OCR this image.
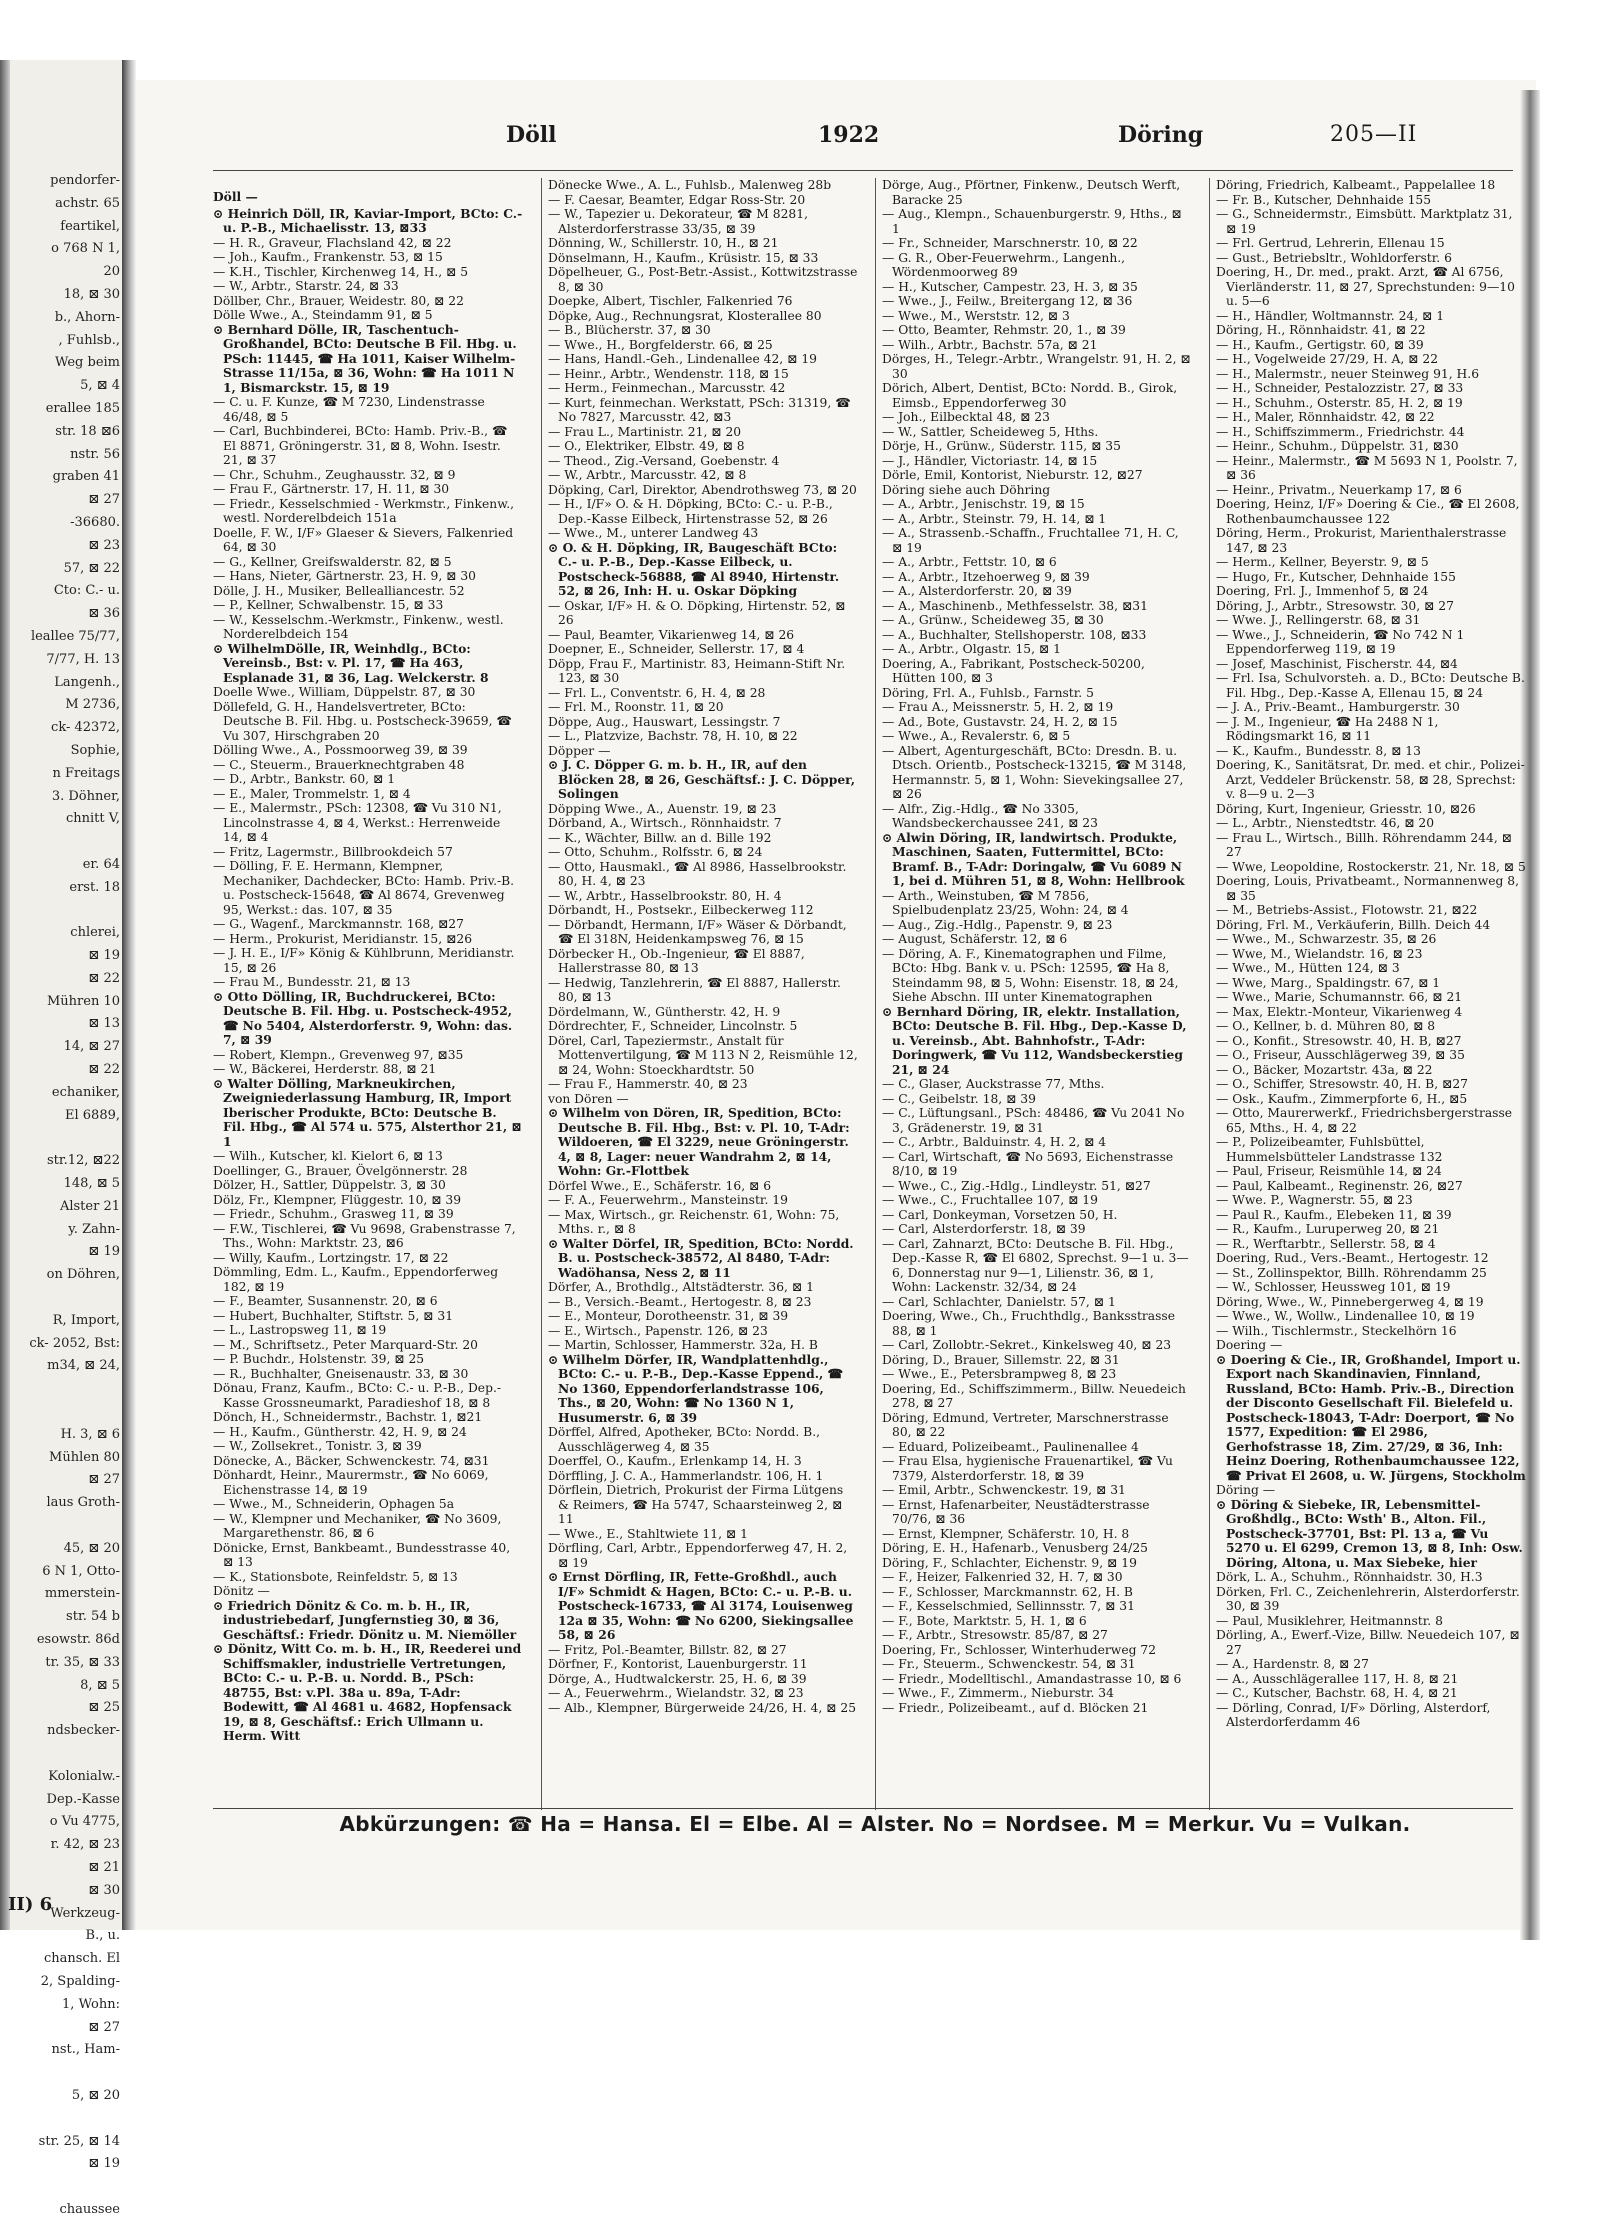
pendorfer-
achstr. 65
feartikel,
o 768 N 1,
20
18, ⊠ 30
b., Ahorn-
, Fuhlsb.,
Weg beim
5, ⊠ 4
erallee 185
str. 18 ⊠6
nstr. 56
graben 41
⊠ 27
-36680.
⊠ 23
57, ⊠ 22
Cto: C.- u.
⊠ 36
leallee 75/77,
7/77, H. 13
Langenh.,
M 2736,
ck- 42372,
Sophie,
n Freitags
3. Döhner,
chnitt V,

er. 64
erst. 18

chlerei,
⊠ 19
⊠ 22
Mühren 10
⊠ 13
14, ⊠ 27
⊠ 22
echaniker,
El 6889,

str.12, ⊠22
148, ⊠ 5
Alster 21
y. Zahn-
⊠ 19
on Döhren,

R, Import,
ck- 2052, Bst:
m34, ⊠ 24,

H. 3, ⊠ 6
Mühlen 80
⊠ 27
laus Groth-

45, ⊠ 20
6 N 1, Otto-
mmerstein-
str. 54 b
esowstr. 86d
tr. 35, ⊠ 33
8, ⊠ 5
⊠ 25
ndsbecker-

Kolonialw.-
Dep.-Kasse
o Vu 4775,
r. 42, ⊠ 23
⊠ 21
⊠ 30
Werkzeug-
B., u.
chansch. El
2, Spalding-
1, Wohn:
⊠ 27
nst., Ham-

5, ⊠ 20

str. 25, ⊠ 14
⊠ 19

chaussee
II) 6
Döll	1922	Döring	205—II

Döll —

⊙ Heinrich Döll, IR, Kaviar-Import, BCto: C.- u. P.-B., Michaelisstr. 13, ⊠33

— H. R., Graveur, Flachsland 42, ⊠ 22

— Joh., Kaufm., Frankenstr. 53, ⊠ 15

— K.H., Tischler, Kirchenweg 14, H., ⊠ 5

— W., Arbtr., Starstr. 24, ⊠ 33

Döllber, Chr., Brauer, Weidestr. 80, ⊠ 22

Dölle Wwe., A., Steindamm 91, ⊠ 5

⊙ Bernhard Dölle, IR, Taschentuch-Großhandel, BCto: Deutsche B Fil. Hbg. u. PSch: 11445, ☎ Ha 1011, Kaiser Wilhelm-Strasse 11/15a, ⊠ 36, Wohn: ☎ Ha 1011 N 1, Bismarckstr. 15, ⊠ 19

— C. u. F. Kunze, ☎ M 7230, Lindenstrasse 46/48, ⊠ 5

— Carl, Buchbinderei, BCto: Hamb. Priv.-B., ☎ El 8871, Gröningerstr. 31, ⊠ 8, Wohn. Isestr. 21, ⊠ 37

— Chr., Schuhm., Zeughausstr. 32, ⊠ 9

— Frau F., Gärtnerstr. 17, H. 11, ⊠ 30

— Friedr., Kesselschmied - Werkmstr., Finkenw., westl. Norderelbdeich 151a

Doelle, F. W., I/F» Glaeser & Sievers, Falkenried 64, ⊠ 30

— G., Kellner, Greifswalderstr. 82, ⊠ 5

— Hans, Nieter, Gärtnerstr. 23, H. 9, ⊠ 30

Dölle, J. H., Musiker, Bellealliancestr. 52

— P., Kellner, Schwalbenstr. 15, ⊠ 33

— W., Kesselschm.-Werkmstr., Finkenw., westl. Norderelbdeich 154

⊙ WilhelmDölle, IR, Weinhdlg., BCto: Vereinsb., Bst: v. Pl. 17, ☎ Ha 463, Esplanade 31, ⊠ 36, Lag. Welckerstr. 8

Doelle Wwe., William, Düppelstr. 87, ⊠ 30

Döllefeld, G. H., Handelsvertreter, BCto: Deutsche B. Fil. Hbg. u. Postscheck-39659, ☎ Vu 307, Hirschgraben 20

Dölling Wwe., A., Possmoorweg 39, ⊠ 39

— C., Steuerm., Brauerknechtgraben 48

— D., Arbtr., Bankstr. 60, ⊠ 1

— E., Maler, Trommelstr. 1, ⊠ 4

— E., Malermstr., PSch: 12308, ☎ Vu 310 N1, Lincolnstrasse 4, ⊠ 4, Werkst.: Herrenweide 14, ⊠ 4

— Fritz, Lagermstr., Billbrookdeich 57

— Dölling, F. E. Hermann, Klempner, Mechaniker, Dachdecker, BCto: Hamb. Priv.-B. u. Postscheck-15648, ☎ Al 8674, Grevenweg 95, Werkst.: das. 107, ⊠ 35

— G., Wagenf., Marckmannstr. 168, ⊠27

— Herm., Prokurist, Meridianstr. 15, ⊠26

— J. H. E., I/F» König & Kühlbrunn, Meridianstr. 15, ⊠ 26

— Frau M., Bundesstr. 21, ⊠ 13

⊙ Otto Dölling, IR, Buchdruckerei, BCto: Deutsche B. Fil. Hbg. u. Postscheck-4952, ☎ No 5404, Alsterdorferstr. 9, Wohn: das. 7, ⊠ 39

— Robert, Klempn., Grevenweg 97, ⊠35

— W., Bäckerei, Herderstr. 88, ⊠ 21

⊙ Walter Dölling, Markneukirchen, Zweigniederlassung Hamburg, IR, Import Iberischer Produkte, BCto: Deutsche B. Fil. Hbg., ☎ Al 574 u. 575, Alsterthor 21, ⊠ 1

— Wilh., Kutscher, kl. Kielort 6, ⊠ 13

Doellinger, G., Brauer, Övelgönnerstr. 28

Dölzer, H., Sattler, Düppelstr. 3, ⊠ 30

Dölz, Fr., Klempner, Flüggestr. 10, ⊠ 39

— Friedr., Schuhm., Grasweg 11, ⊠ 39

— F.W., Tischlerei, ☎ Vu 9698, Grabenstrasse 7, Ths., Wohn: Marktstr. 23, ⊠6

— Willy, Kaufm., Lortzingstr. 17, ⊠ 22

Dömmling, Edm. L., Kaufm., Eppendorferweg 182, ⊠ 19

— F., Beamter, Susannenstr. 20, ⊠ 6

— Hubert, Buchhalter, Stiftstr. 5, ⊠ 31

— L., Lastropsweg 11, ⊠ 19

— M., Schriftsetz., Peter Marquard-Str. 20

— P. Buchdr., Holstenstr. 39, ⊠ 25

— R., Buchhalter, Gneisenaustr. 33, ⊠ 30

Dönau, Franz, Kaufm., BCto: C.- u. P.-B., Dep.-Kasse Grossneumarkt, Paradieshof 18, ⊠ 8

Dönch, H., Schneidermstr., Bachstr. 1, ⊠21

— H., Kaufm., Güntherstr. 42, H. 9, ⊠ 24

— W., Zollsekret., Tonistr. 3, ⊠ 39

Dönecke, A., Bäcker, Schwenckestr. 74, ⊠31

Dönhardt, Heinr., Maurermstr., ☎ No 6069, Eichenstrasse 14, ⊠ 19

— Wwe., M., Schneiderin, Ophagen 5a

— W., Klempner und Mechaniker, ☎ No 3609, Margarethenstr. 86, ⊠ 6

Dönicke, Ernst, Bankbeamt., Bundesstrasse 40, ⊠ 13

— K., Stationsbote, Reinfeldstr. 5, ⊠ 13

Dönitz —

⊙ Friedrich Dönitz & Co. m. b. H., IR, industriebedarf, Jungfernstieg 30, ⊠ 36, Geschäftsf.: Friedr. Dönitz u. M. Niemöller

⊙ Dönitz, Witt Co. m. b. H., IR, Reederei und Schiffsmakler, industrielle Vertretungen, BCto: C.- u. P.-B. u. Nordd. B., PSch: 48755, Bst: v.Pl. 38a u. 89a, T-Adr: Bodewitt, ☎ Al 4681 u. 4682, Hopfensack 19, ⊠ 8, Geschäftsf.: Erich Ullmann u. Herm. Witt

Dönecke Wwe., A. L., Fuhlsb., Malenweg 28b

— F. Caesar, Beamter, Edgar Ross-Str. 20

— W., Tapezier u. Dekorateur, ☎ M 8281, Alsterdorferstrasse 33/35, ⊠ 39

Dönning, W., Schillerstr. 10, H., ⊠ 21

Dönselmann, H., Kaufm., Krüsistr. 15, ⊠ 33

Döpelheuer, G., Post-Betr.-Assist., Kottwitzstrasse 8, ⊠ 30

Doepke, Albert, Tischler, Falkenried 76

Döpke, Aug., Rechnungsrat, Klosterallee 80

— B., Blücherstr. 37, ⊠ 30

— Wwe., H., Borgfelderstr. 66, ⊠ 25

— Hans, Handl.-Geh., Lindenallee 42, ⊠ 19

— Heinr., Arbtr., Wendenstr. 118, ⊠ 15

— Herm., Feinmechan., Marcusstr. 42

— Kurt, feinmechan. Werkstatt, PSch: 31319, ☎ No 7827, Marcusstr. 42, ⊠3

— Frau L., Martinistr. 21, ⊠ 20

— O., Elektriker, Elbstr. 49, ⊠ 8

— Theod., Zig.-Versand, Goebenstr. 4

— W., Arbtr., Marcusstr. 42, ⊠ 8

Döpking, Carl, Direktor, Abendrothsweg 73, ⊠ 20

— H., I/F» O. & H. Döpking, BCto: C.- u. P.-B., Dep.-Kasse Eilbeck, Hirtenstrasse 52, ⊠ 26

— Wwe., M., unterer Landweg 43

⊙ O. & H. Döpking, IR, Baugeschäft BCto: C.- u. P.-B., Dep.-Kasse Eilbeck, u. Postscheck-56888, ☎ Al 8940, Hirtenstr. 52, ⊠ 26, Inh: H. u. Oskar Döpking

— Oskar, I/F» H. & O. Döpking, Hirtenstr. 52, ⊠ 26

— Paul, Beamter, Vikarienweg 14, ⊠ 26

Doepner, E., Schneider, Sellerstr. 17, ⊠ 4

Döpp, Frau F., Martinistr. 83, Heimann-Stift Nr. 123, ⊠ 30

— Frl. L., Conventstr. 6, H. 4, ⊠ 28

— Frl. M., Roonstr. 11, ⊠ 20

Döppe, Aug., Hauswart, Lessingstr. 7

— L., Platzvize, Bachstr. 78, H. 10, ⊠ 22

Döpper —

⊙ J. C. Döpper G. m. b. H., IR, auf den Blöcken 28, ⊠ 26, Geschäftsf.: J. C. Döpper, Solingen

Döpping Wwe., A., Auenstr. 19, ⊠ 23

Dörband, A., Wirtsch., Rönnhaidstr. 7

— K., Wächter, Billw. an d. Bille 192

— Otto, Schuhm., Rolfsstr. 6, ⊠ 24

— Otto, Hausmakl., ☎ Al 8986, Hasselbrookstr. 80, H. 4, ⊠ 23

— W., Arbtr., Hasselbrookstr. 80, H. 4

Dörbandt, H., Postsekr., Eilbeckerweg 112

— Dörbandt, Hermann, I/F» Wäser & Dörbandt, ☎ El 318N, Heidenkampsweg 76, ⊠ 15

Dörbecker H., Ob.-Ingenieur, ☎ El 8887, Hallerstrasse 80, ⊠ 13

— Hedwig, Tanzlehrerin, ☎ El 8887, Hallerstr. 80, ⊠ 13

Dördelmann, W., Güntherstr. 42, H. 9

Dördrechter, F., Schneider, Lincolnstr. 5

Dörel, Carl, Tapeziermstr., Anstalt für Mottenvertilgung, ☎ M 113 N 2, Reismühle 12, ⊠ 24, Wohn: Stoeckhardtstr. 50

— Frau F., Hammerstr. 40, ⊠ 23

von Dören —

⊙ Wilhelm von Dören, IR, Spedition, BCto: Deutsche B. Fil. Hbg., Bst: v. Pl. 10, T-Adr: Wildoeren, ☎ El 3229, neue Gröningerstr. 4, ⊠ 8, Lager: neuer Wandrahm 2, ⊠ 14, Wohn: Gr.-Flottbek

Dörfel Wwe., E., Schäferstr. 16, ⊠ 6

— F. A., Feuerwehrm., Mansteinstr. 19

— Max, Wirtsch., gr. Reichenstr. 61, Wohn: 75, Mths. r., ⊠ 8

⊙ Walter Dörfel, IR, Spedition, BCto: Nordd. B. u. Postscheck-38572, Al 8480, T-Adr: Wadöhansa, Ness 2, ⊠ 11

Dörfer, A., Brothdlg., Altstädterstr. 36, ⊠ 1

— B., Versich.-Beamt., Hertogestr. 8, ⊠ 23

— E., Monteur, Dorotheenstr. 31, ⊠ 39

— E., Wirtsch., Papenstr. 126, ⊠ 23

— Martin, Schlosser, Hammerstr. 32a, H. B

⊙ Wilhelm Dörfer, IR, Wandplattenhdlg., BCto: C.- u. P.-B., Dep.-Kasse Eppend., ☎ No 1360, Eppendorferlandstrasse 106, Ths., ⊠ 20, Wohn: ☎ No 1360 N 1, Husumerstr. 6, ⊠ 39

Dörffel, Alfred, Apotheker, BCto: Nordd. B., Ausschlägerweg 4, ⊠ 35

Doerffel, O., Kaufm., Erlenkamp 14, H. 3

Dörffling, J. C. A., Hammerlandstr. 106, H. 1

Dörflein, Dietrich, Prokurist der Firma Lütgens & Reimers, ☎ Ha 5747, Schaarsteinweg 2, ⊠ 11

— Wwe., E., Stahltwiete 11, ⊠ 1

Dörfling, Carl, Arbtr., Eppendorferweg 47, H. 2, ⊠ 19

⊙ Ernst Dörfling, IR, Fette-Großhdl., auch I/F» Schmidt & Hagen, BCto: C.- u. P.-B. u. Postscheck-16733, ☎ Al 3174, Louisenweg 12a ⊠ 35, Wohn: ☎ No 6200, Siekingsallee 58, ⊠ 26

— Fritz, Pol.-Beamter, Billstr. 82, ⊠ 27

Dörfner, F., Kontorist, Lauenburgerstr. 11

Dörge, A., Hudtwalckerstr. 25, H. 6, ⊠ 39

— A., Feuerwehrm., Wielandstr. 32, ⊠ 23

— Alb., Klempner, Bürgerweide 24/26, H. 4, ⊠ 25

Dörge, Aug., Pförtner, Finkenw., Deutsch Werft, Baracke 25

— Aug., Klempn., Schauenburgerstr. 9, Hths., ⊠ 1

— Fr., Schneider, Marschnerstr. 10, ⊠ 22

— G. R., Ober-Feuerwehrm., Langenh., Wördenmoorweg 89

— H., Kutscher, Campestr. 23, H. 3, ⊠ 35

— Wwe., J., Feilw., Breitergang 12, ⊠ 36

— Wwe., M., Werststr. 12, ⊠ 3

— Otto, Beamter, Rehmstr. 20, 1., ⊠ 39

— Wilh., Arbtr., Bachstr. 57a, ⊠ 21

Dörges, H., Telegr.-Arbtr., Wrangelstr. 91, H. 2, ⊠ 30

Dörich, Albert, Dentist, BCto: Nordd. B., Girok, Eimsb., Eppendorferweg 30

— Joh., Eilbecktal 48, ⊠ 23

— W., Sattler, Scheideweg 5, Hths.

Dörje, H., Grünw., Süderstr. 115, ⊠ 35

— J., Händler, Victoriastr. 14, ⊠ 15

Dörle, Emil, Kontorist, Nieburstr. 12, ⊠27

Döring siehe auch Döhring

— A., Arbtr., Jenischstr. 19, ⊠ 15

— A., Arbtr., Steinstr. 79, H. 14, ⊠ 1

— A., Strassenb.-Schaffn., Fruchtallee 71, H. C, ⊠ 19

— A., Arbtr., Fettstr. 10, ⊠ 6

— A., Arbtr., Itzehoerweg 9, ⊠ 39

— A., Alsterdorferstr. 20, ⊠ 39

— A., Maschinenb., Methfesselstr. 38, ⊠31

— A., Grünw., Scheideweg 35, ⊠ 30

— A., Buchhalter, Stellshoperstr. 108, ⊠33

— A., Arbtr., Olgastr. 15, ⊠ 1

Doering, A., Fabrikant, Postscheck-50200, Hütten 100, ⊠ 3

Döring, Frl. A., Fuhlsb., Farnstr. 5

— Frau A., Meissnerstr. 5, H. 2, ⊠ 19

— Ad., Bote, Gustavstr. 24, H. 2, ⊠ 15

— Wwe., A., Revalerstr. 6, ⊠ 5

— Albert, Agenturgeschäft, BCto: Dresdn. B. u. Dtsch. Orientb., Postscheck-13215, ☎ M 3148, Hermannstr. 5, ⊠ 1, Wohn: Sievekingsallee 27, ⊠ 26

— Alfr., Zig.-Hdlg., ☎ No 3305, Wandsbeckerchaussee 241, ⊠ 23

⊙ Alwin Döring, IR, landwirtsch. Produkte, Maschinen, Saaten, Futtermittel, BCto: Bramf. B., T-Adr: Doringalw, ☎ Vu 6089 N 1, bei d. Mühren 51, ⊠ 8, Wohn: Hellbrook

— Arth., Weinstuben, ☎ M 7856, Spielbudenplatz 23/25, Wohn: 24, ⊠ 4

— Aug., Zig.-Hdlg., Papenstr. 9, ⊠ 23

— August, Schäferstr. 12, ⊠ 6

— Döring, A. F., Kinematographen und Filme, BCto: Hbg. Bank v. u. PSch: 12595, ☎ Ha 8, Steindamm 98, ⊠ 5, Wohn: Eisenstr. 18, ⊠ 24, Siehe Abschn. III unter Kinematographen

⊙ Bernhard Döring, IR, elektr. Installation, BCto: Deutsche B. Fil. Hbg., Dep.-Kasse D, u. Vereinsb., Abt. Bahnhofstr., T-Adr: Doringwerk, ☎ Vu 112, Wandsbeckerstieg 21, ⊠ 24

— C., Glaser, Auckstrasse 77, Mths.

— C., Geibelstr. 18, ⊠ 39

— C., Lüftungsanl., PSch: 48486, ☎ Vu 2041 No 3, Grädenerstr. 19, ⊠ 31

— C., Arbtr., Balduinstr. 4, H. 2, ⊠ 4

— Carl, Wirtschaft, ☎ No 5693, Eichenstrasse 8/10, ⊠ 19

— Wwe., C., Zig.-Hdlg., Lindleystr. 51, ⊠27

— Wwe., C., Fruchtallee 107, ⊠ 19

— Carl, Donkeyman, Vorsetzen 50, H.

— Carl, Alsterdorferstr. 18, ⊠ 39

— Carl, Zahnarzt, BCto: Deutsche B. Fil. Hbg., Dep.-Kasse R, ☎ El 6802, Sprechst. 9—1 u. 3—6, Donnerstag nur 9—1, Lilienstr. 36, ⊠ 1, Wohn: Lackenstr. 32/34, ⊠ 24

— Carl, Schlachter, Danielstr. 57, ⊠ 1

Doering, Wwe., Ch., Fruchthdlg., Banksstrasse 88, ⊠ 1

— Carl, Zollobtr.-Sekret., Kinkelsweg 40, ⊠ 23

Döring, D., Brauer, Sillemstr. 22, ⊠ 31

— Wwe., E., Petersbrampweg 8, ⊠ 23

Doering, Ed., Schiffszimmerm., Billw. Neuedeich 278, ⊠ 27

Döring, Edmund, Vertreter, Marschnerstrasse 80, ⊠ 22

— Eduard, Polizeibeamt., Paulinenallee 4

— Frau Elsa, hygienische Frauenartikel, ☎ Vu 7379, Alsterdorferstr. 18, ⊠ 39

— Emil, Arbtr., Schwenckestr. 19, ⊠ 31

— Ernst, Hafenarbeiter, Neustädterstrasse 70/76, ⊠ 36

— Ernst, Klempner, Schäferstr. 10, H. 8

Döring, E. H., Hafenarb., Venusberg 24/25

Döring, F., Schlachter, Eichenstr. 9, ⊠ 19

— F., Heizer, Falkenried 32, H. 7, ⊠ 30

— F., Schlosser, Marckmannstr. 62, H. B

— F., Kesselschmied, Sellinnsstr. 7, ⊠ 31

— F., Bote, Marktstr. 5, H. 1, ⊠ 6

— F., Arbtr., Stresowstr. 85/87, ⊠ 27

Doering, Fr., Schlosser, Winterhuderweg 72

— Fr., Steuerm., Schwenckestr. 54, ⊠ 31

— Friedr., Modelltischl., Amandastrasse 10, ⊠ 6

— Wwe., F., Zimmerm., Nieburstr. 34

— Friedr., Polizeibeamt., auf d. Blöcken 21

Döring, Friedrich, Kalbeamt., Pappelallee 18

— Fr. B., Kutscher, Dehnhaide 155

— G., Schneidermstr., Eimsbütt. Marktplatz 31, ⊠ 19

— Frl. Gertrud, Lehrerin, Ellenau 15

— Gust., Betriebsltr., Wohldorferstr. 6

Doering, H., Dr. med., prakt. Arzt, ☎ Al 6756, Vierländerstr. 11, ⊠ 27, Sprechstunden: 9—10 u. 5—6

— H., Händler, Woltmannstr. 24, ⊠ 1

Döring, H., Rönnhaidstr. 41, ⊠ 22

— H., Kaufm., Gertigstr. 60, ⊠ 39

— H., Vogelweide 27/29, H. A, ⊠ 22

— H., Malermstr., neuer Steinweg 91, H.6

— H., Schneider, Pestalozzistr. 27, ⊠ 33

— H., Schuhm., Osterstr. 85, H. 2, ⊠ 19

— H., Maler, Rönnhaidstr. 42, ⊠ 22

— H., Schiffszimmerm., Friedrichstr. 44

— Heinr., Schuhm., Düppelstr. 31, ⊠30

— Heinr., Malermstr., ☎ M 5693 N 1, Poolstr. 7, ⊠ 36

— Heinr., Privatm., Neuerkamp 17, ⊠ 6

Doering, Heinz, I/F» Doering & Cie., ☎ El 2608, Rothenbaumchaussee 122

Döring, Herm., Prokurist, Marienthalerstrasse 147, ⊠ 23

— Herm., Kellner, Beyerstr. 9, ⊠ 5

— Hugo, Fr., Kutscher, Dehnhaide 155

Doering, Frl. J., Immenhof 5, ⊠ 24

Döring, J., Arbtr., Stresowstr. 30, ⊠ 27

— Wwe. J., Rellingerstr. 68, ⊠ 31

— Wwe., J., Schneiderin, ☎ No 742 N 1 Eppendorferweg 119, ⊠ 19

— Josef, Maschinist, Fischerstr. 44, ⊠4

— Frl. Isa, Schulvorsteh. a. D., BCto: Deutsche B. Fil. Hbg., Dep.-Kasse A, Ellenau 15, ⊠ 24

— J. A., Priv.-Beamt., Hamburgerstr. 30

— J. M., Ingenieur, ☎ Ha 2488 N 1, Rödingsmarkt 16, ⊠ 11

— K., Kaufm., Bundesstr. 8, ⊠ 13

Doering, K., Sanitätsrat, Dr. med. et chir., Polizei-Arzt, Veddeler Brückenstr. 58, ⊠ 28, Sprechst: v. 8—9 u. 2—3

Döring, Kurt, Ingenieur, Griesstr. 10, ⊠26

— L., Arbtr., Nienstedtstr. 46, ⊠ 20

— Frau L., Wirtsch., Billh. Röhrendamm 244, ⊠ 27

— Wwe, Leopoldine, Rostockerstr. 21, Nr. 18, ⊠ 5

Doering, Louis, Privatbeamt., Normannenweg 8, ⊠ 35

— M., Betriebs-Assist., Flotowstr. 21, ⊠22

Döring, Frl. M., Verkäuferin, Billh. Deich 44

— Wwe., M., Schwarzestr. 35, ⊠ 26

— Wwe, M., Wielandstr. 16, ⊠ 23

— Wwe., M., Hütten 124, ⊠ 3

— Wwe, Marg., Spaldingstr. 67, ⊠ 1

— Wwe., Marie, Schumannstr. 66, ⊠ 21

— Max, Elektr.-Monteur, Vikarienweg 4

— O., Kellner, b. d. Mühren 80, ⊠ 8

— O., Konfit., Stresowstr. 40, H. B, ⊠27

— O., Friseur, Ausschlägerweg 39, ⊠ 35

— O., Bäcker, Mozartstr. 43a, ⊠ 22

— O., Schiffer, Stresowstr. 40, H. B, ⊠27

— Osk., Kaufm., Zimmerpforte 6, H., ⊠5

— Otto, Maurerwerkf., Friedrichsbergerstrasse 65, Mths., H. 4, ⊠ 22

— P., Polizeibeamter, Fuhlsbüttel, Hummelsbütteler Landstrasse 132

— Paul, Friseur, Reismühle 14, ⊠ 24

— Paul, Kalbeamt., Reginenstr. 26, ⊠27

— Wwe. P., Wagnerstr. 55, ⊠ 23

— Paul R., Kaufm., Elebeken 11, ⊠ 39

— R., Kaufm., Luruperweg 20, ⊠ 21

— R., Werftarbtr., Sellerstr. 58, ⊠ 4

Doering, Rud., Vers.-Beamt., Hertogestr. 12

— St., Zollinspektor, Billh. Röhrendamm 25

— W., Schlosser, Heussweg 101, ⊠ 19

Döring, Wwe., W., Pinnebergerweg 4, ⊠ 19

— Wwe., W., Wollw., Lindenallee 10, ⊠ 19

— Wilh., Tischlermstr., Steckelhörn 16

Doering —

⊙ Doering & Cie., IR, Großhandel, Import u. Export nach Skandinavien, Finnland, Russland, BCto: Hamb. Priv.-B., Direction der Disconto Gesellschaft Fil. Bielefeld u. Postscheck-18043, T-Adr: Doerport, ☎ No 1577, Expedition: ☎ El 2986, Gerhofstrasse 18, Zim. 27/29, ⊠ 36, Inh: Heinz Doering, Rothenbaumchaussee 122, ☎ Privat El 2608, u. W. Jürgens, Stockholm

Döring —

⊙ Döring & Siebeke, IR, Lebensmittel-Großhdlg., BCto: Wsth' B., Alton. Fil., Postscheck-37701, Bst: Pl. 13 a, ☎ Vu 5270 u. El 6299, Cremon 13, ⊠ 8, Inh: Osw. Döring, Altona, u. Max Siebeke, hier

Dörk, L. A., Schuhm., Rönnhaidstr. 30, H.3

Dörken, Frl. C., Zeichenlehrerin, Alsterdorferstr. 30, ⊠ 39

— Paul, Musiklehrer, Heitmannstr. 8

Dörling, A., Ewerf.-Vize, Billw. Neuedeich 107, ⊠ 27

— A., Hardenstr. 8, ⊠ 27

— A., Ausschlägerallee 117, H. 8, ⊠ 21

— C., Kutscher, Bachstr. 68, H. 4, ⊠ 21

— Dörling, Conrad, I/F» Dörling, Alsterdorf, Alsterdorferdamm 46

Abkürzungen: ☎ Ha = Hansa. El = Elbe. Al = Alster. No = Nordsee. M = Merkur. Vu = Vulkan.
